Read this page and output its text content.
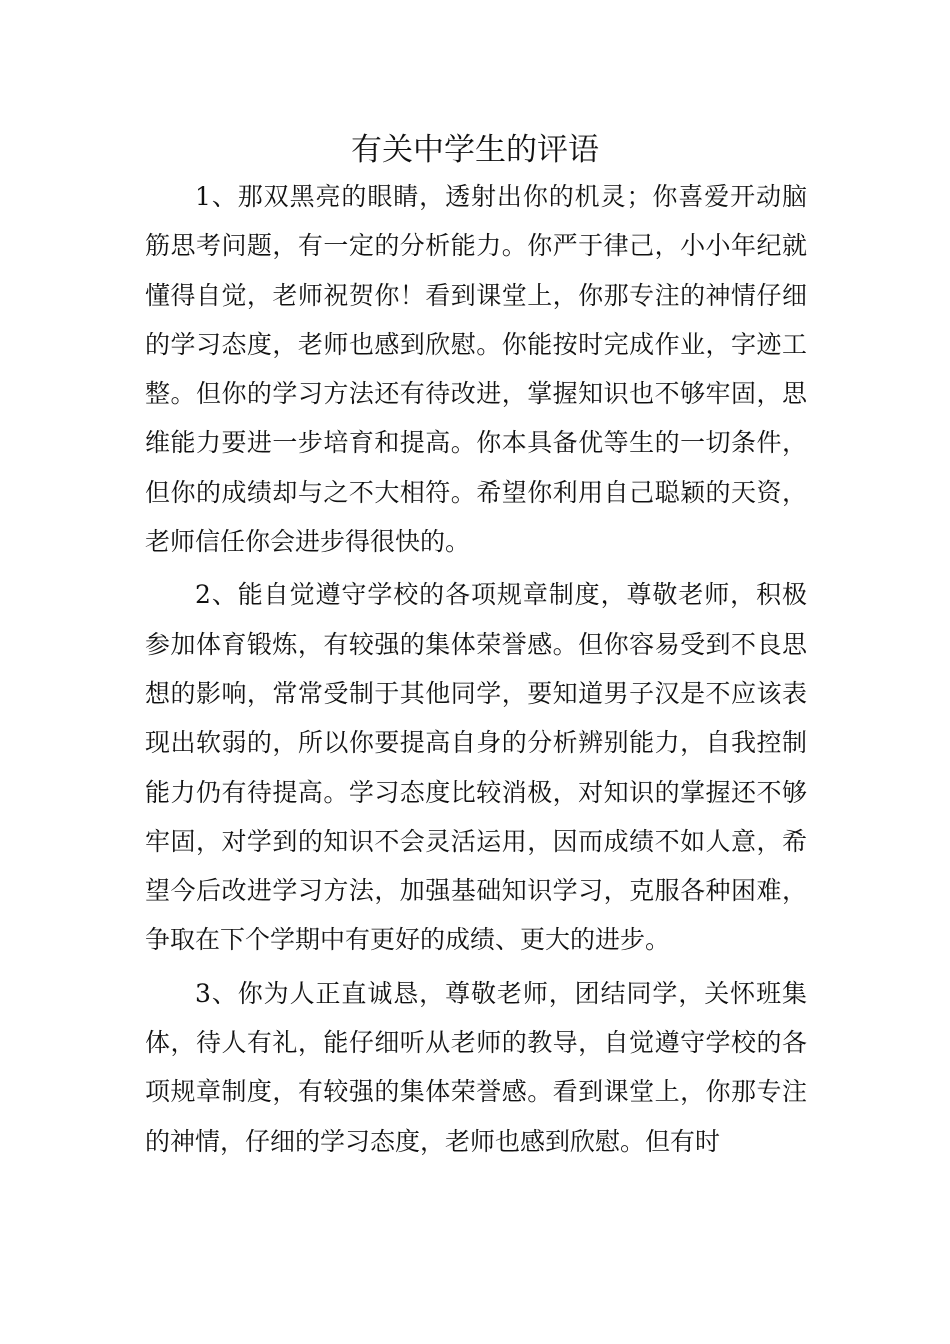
有关中学生的评语

1、那双黑亮的眼睛，透射出你的机灵；你喜爱开动脑筋思考问题，有一定的分析能力。你严于律己，小小年纪就懂得自觉，老师祝贺你！看到课堂上，你那专注的神情仔细的学习态度，老师也感到欣慰。你能按时完成作业，字迹工整。但你的学习方法还有待改进，掌握知识也不够牢固，思维能力要进一步培育和提高。你本具备优等生的一切条件，但你的成绩却与之不大相符。希望你利用自己聪颖的天资，老师信任你会进步得很快的。

2、能自觉遵守学校的各项规章制度，尊敬老师，积极参加体育锻炼，有较强的集体荣誉感。但你容易受到不良思想的影响，常常受制于其他同学，要知道男子汉是不应该表现出软弱的，所以你要提高自身的分析辨别能力，自我控制能力仍有待提高。学习态度比较消极，对知识的掌握还不够牢固，对学到的知识不会灵活运用，因而成绩不如人意，希望今后改进学习方法，加强基础知识学习，克服各种困难，争取在下个学期中有更好的成绩、更大的进步。

3、你为人正直诚恳，尊敬老师，团结同学，关怀班集体，待人有礼，能仔细听从老师的教导，自觉遵守学校的各项规章制度，有较强的集体荣誉感。看到课堂上，你那专注的神情，仔细的学习态度，老师也感到欣慰。但有时
